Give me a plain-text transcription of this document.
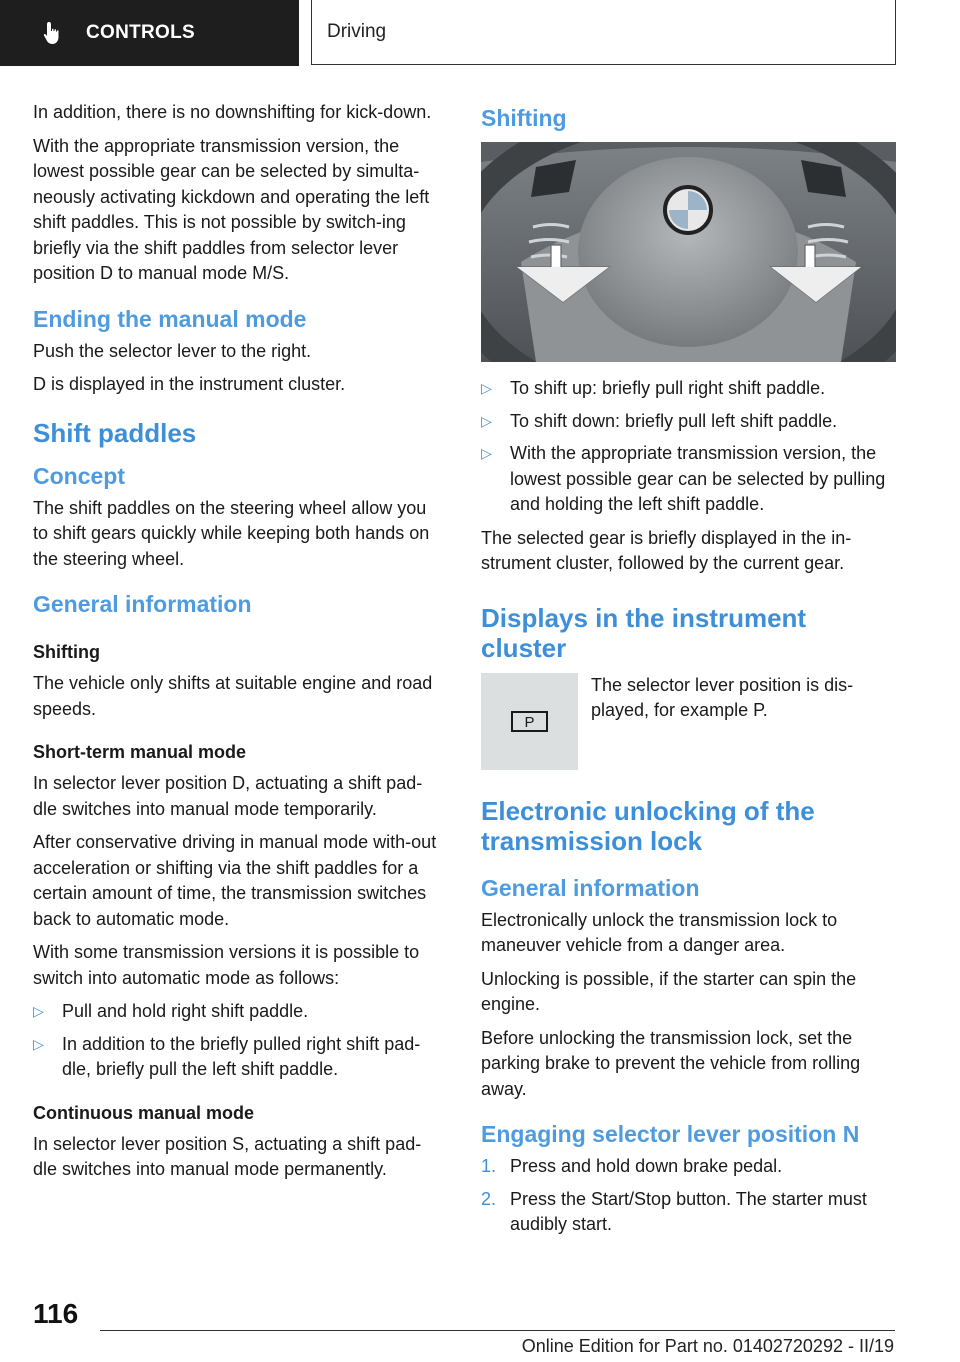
CONTROLS	Driving

In addition, there is no downshifting for kick-down.

With the appropriate transmission version, the lowest possible gear can be selected by simulta-neously activating kickdown and operating the left shift paddles. This is not possible by switch-ing briefly via the shift paddles from selector lever position D to manual mode M/S.

Ending the manual mode

Push the selector lever to the right.

D is displayed in the instrument cluster.

Shift paddles
Concept

The shift paddles on the steering wheel allow you to shift gears quickly while keeping both hands on the steering wheel.

General information
Shifting

The vehicle only shifts at suitable engine and road speeds.

Short-term manual mode

In selector lever position D, actuating a shift pad-dle switches into manual mode temporarily.

After conservative driving in manual mode with-out acceleration or shifting via the shift paddles for a certain amount of time, the transmission switches back to automatic mode.

With some transmission versions it is possible to switch into automatic mode as follows:

▷ Pull and hold right shift paddle.
▷ In addition to the briefly pulled right shift pad-dle, briefly pull the left shift paddle.
Continuous manual mode

In selector lever position S, actuating a shift pad-dle switches into manual mode permanently.

Shifting
▷ To shift up: briefly pull right shift paddle.
▷ To shift down: briefly pull left shift paddle.
▷ With the appropriate transmission version, the lowest possible gear can be selected by pulling and holding the left shift paddle.

The selected gear is briefly displayed in the in-strument cluster, followed by the current gear.

Displays in the instrument cluster
P

The selector lever position is dis-played, for example P.

Electronic unlocking of the transmission lock
General information

Electronically unlock the transmission lock to maneuver vehicle from a danger area.

Unlocking is possible, if the starter can spin the engine.

Before unlocking the transmission lock, set the parking brake to prevent the vehicle from rolling away.

Engaging selector lever position N
1. Press and hold down brake pedal.
2. Press the Start/Stop button. The starter must audibly start.
116
Online Edition for Part no. 01402720292 - II/19
